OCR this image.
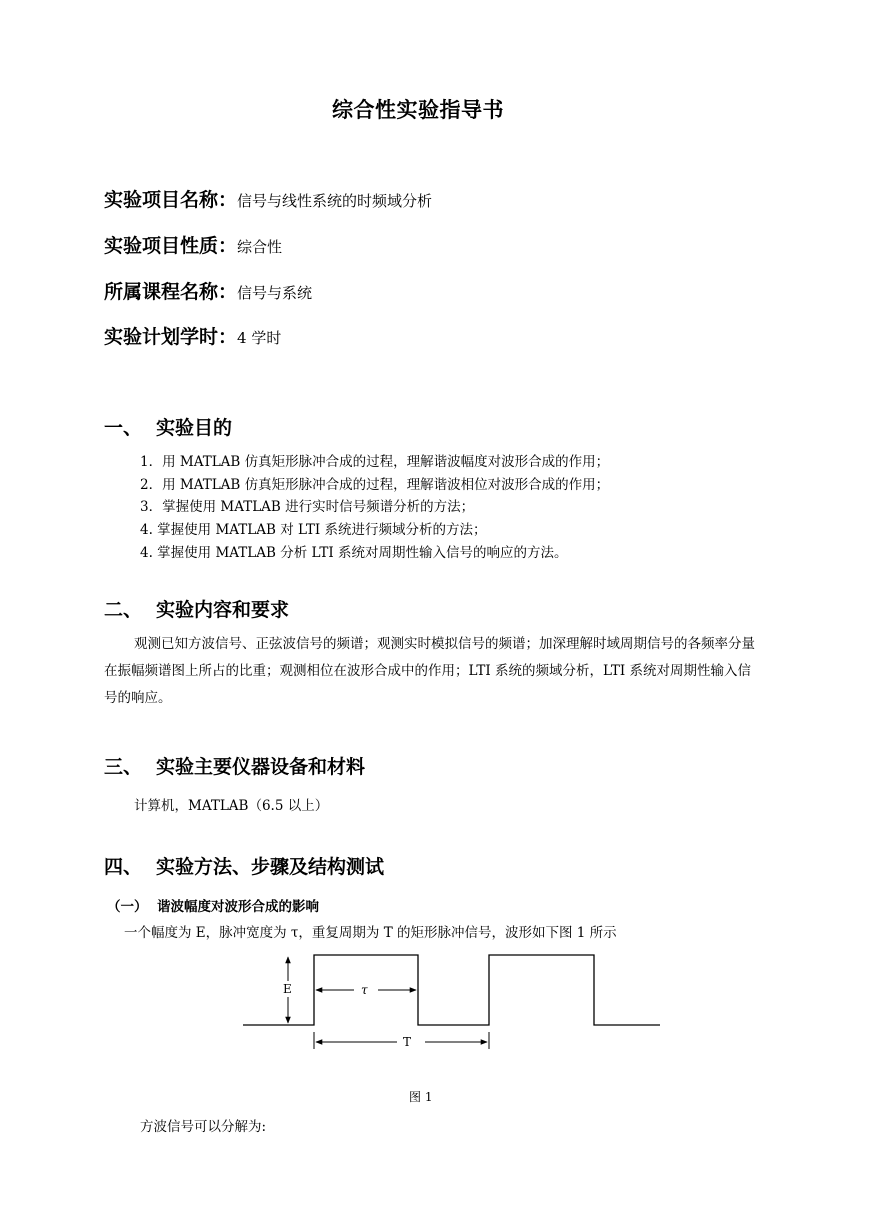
综合性实验指导书
实验项目名称：信号与线性系统的时频域分析
实验项目性质：综合性
所属课程名称：信号与系统
实验计划学时：4 学时
一、 实验目的
1．用 MATLAB 仿真矩形脉冲合成的过程，理解谐波幅度对波形合成的作用；
2．用 MATLAB 仿真矩形脉冲合成的过程，理解谐波相位对波形合成的作用；
3．掌握使用 MATLAB 进行实时信号频谱分析的方法；
4. 掌握使用 MATLAB 对 LTI 系统进行频域分析的方法；
4. 掌握使用 MATLAB 分析 LTI 系统对周期性输入信号的响应的方法。
二、 实验内容和要求
观测已知方波信号、正弦波信号的频谱；观测实时模拟信号的频谱；加深理解时域周期信号的各频率分量在振幅频谱图上所占的比重；观测相位在波形合成中的作用；LTI 系统的频域分析，LTI 系统对周期性输入信号的响应。
三、 实验主要仪器设备和材料
计算机，MATLAB（6.5 以上）
四、 实验方法、步骤及结构测试
（一） 谐波幅度对波形合成的影响
一个幅度为 E，脉冲宽度为 τ，重复周期为 T 的矩形脉冲信号，波形如下图 1 所示
E	τ
T
图 1
方波信号可以分解为:
